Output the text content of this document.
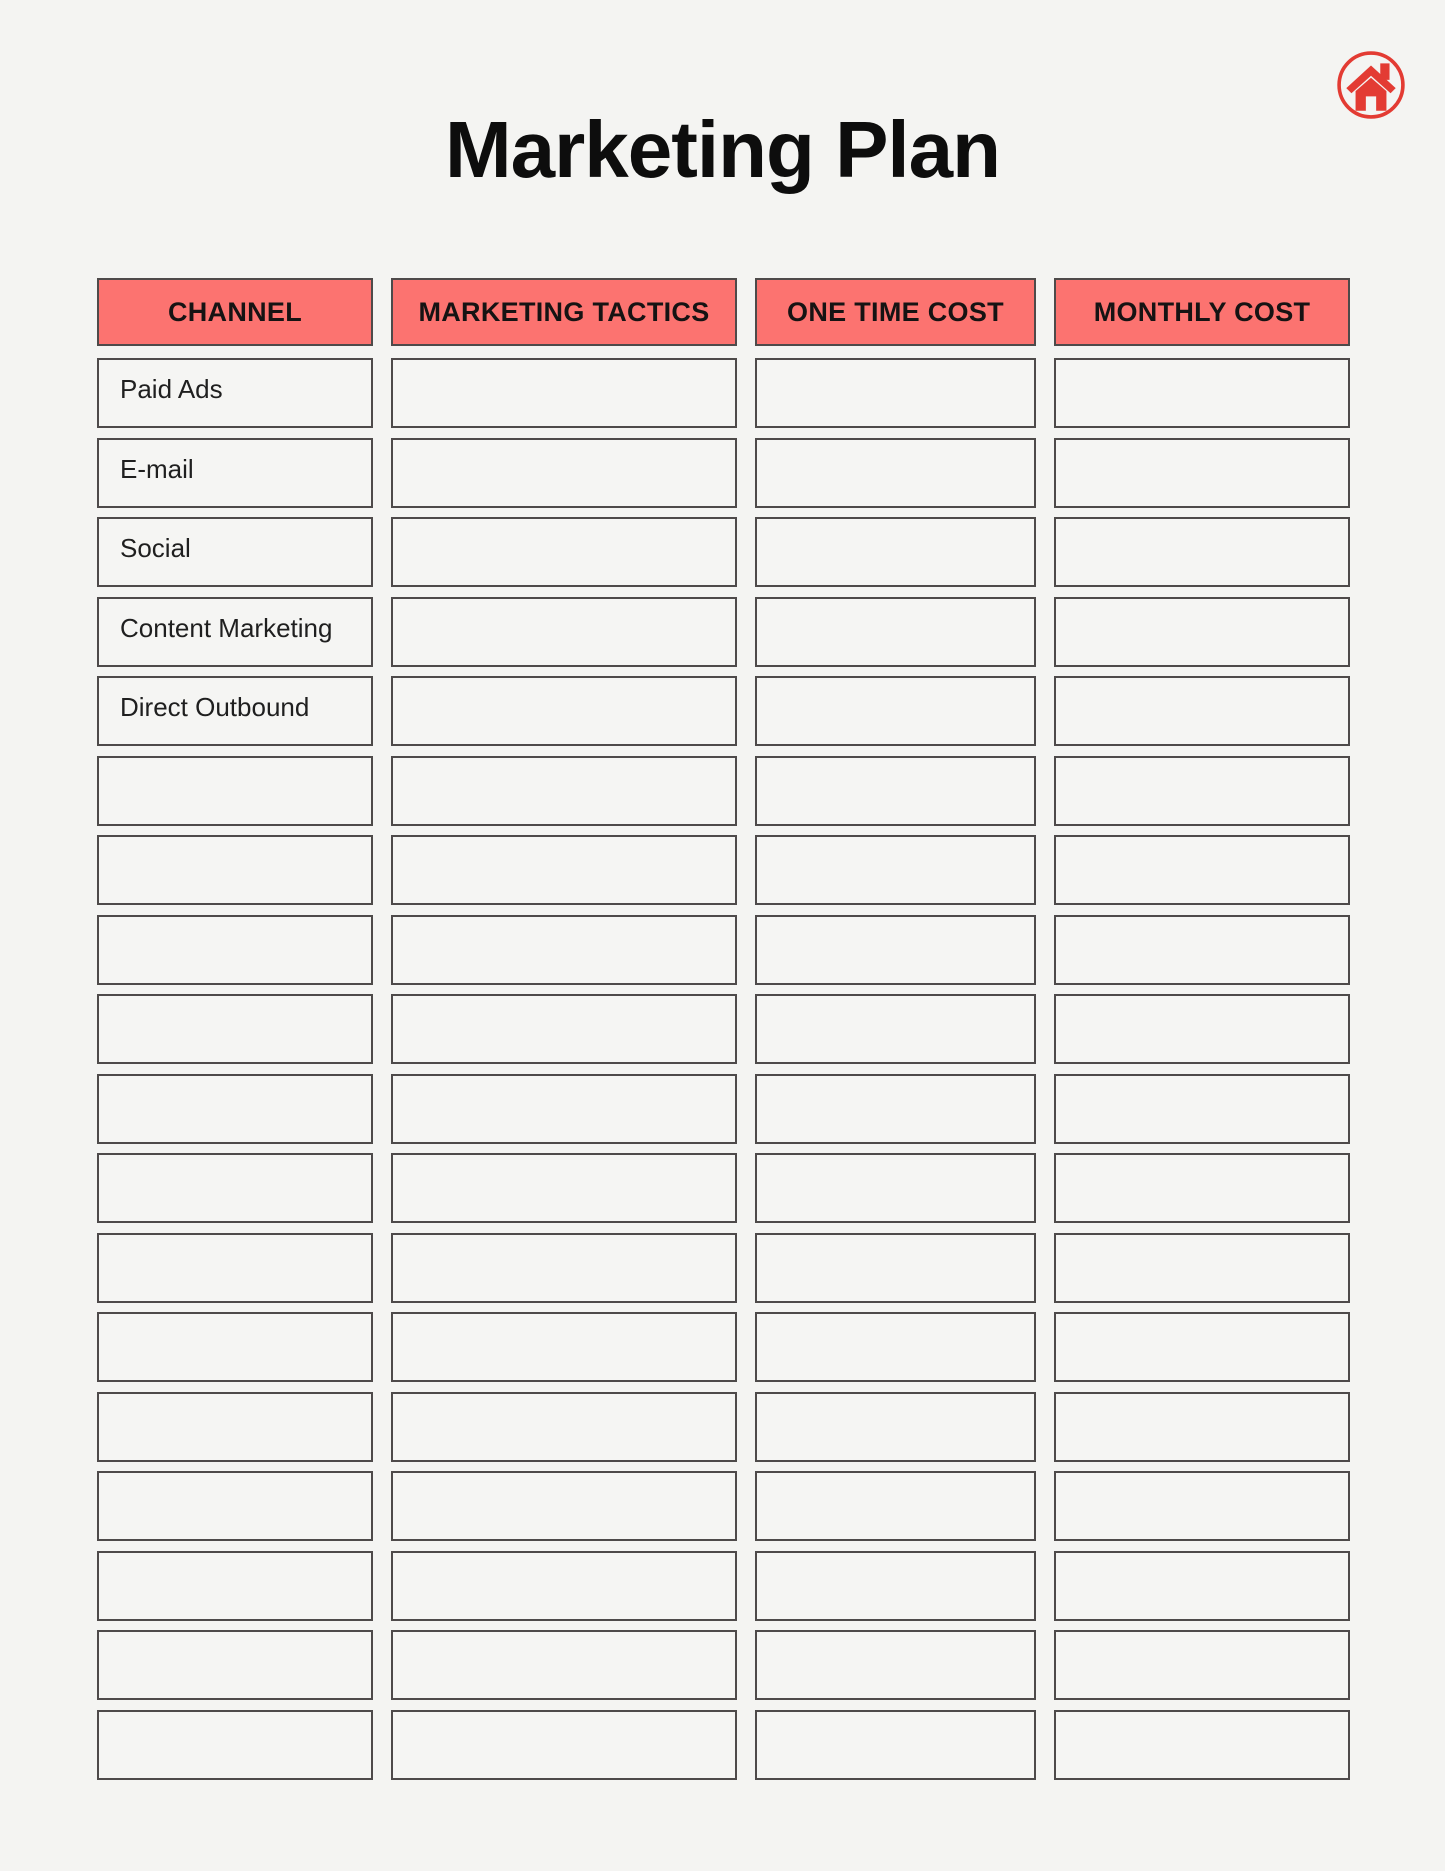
Marketing Plan
CHANNEL	MARKETING TACTICS	ONE TIME COST	MONTHLY COST
Paid Ads
E-mail
Social
Content Marketing
Direct Outbound
